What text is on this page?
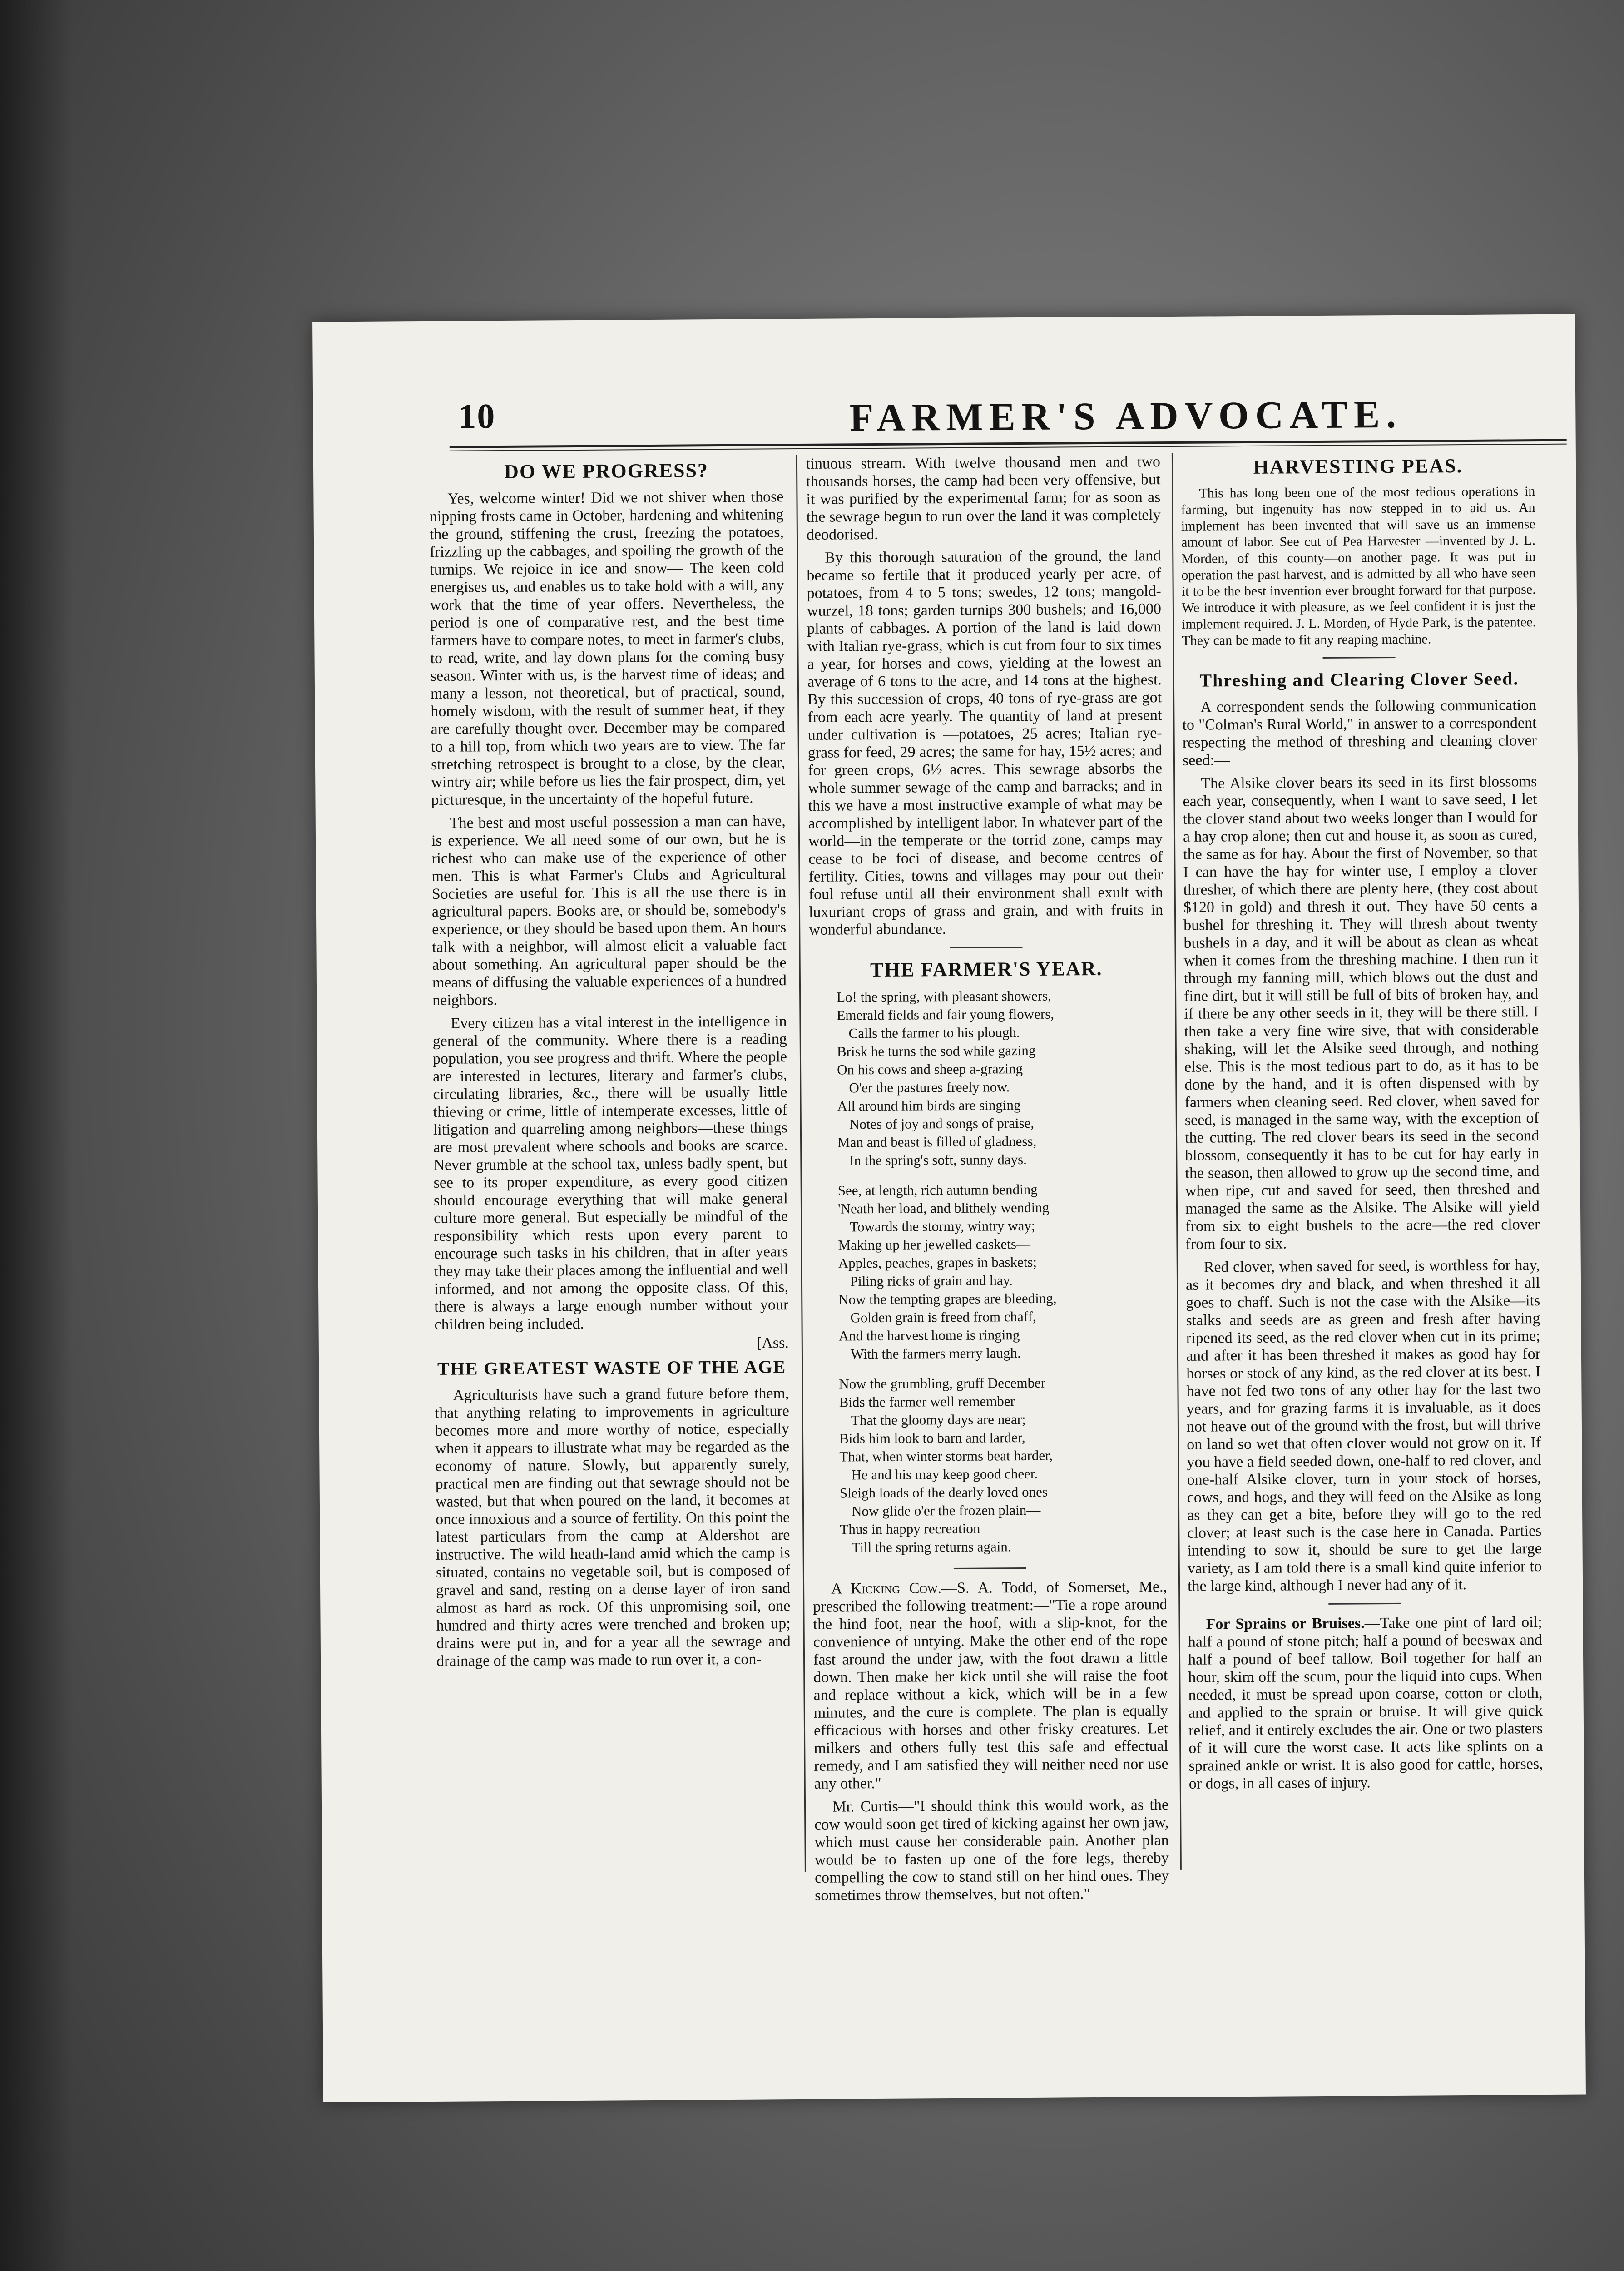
10	FARMER'S ADVOCATE.
DO WE PROGRESS?

Yes, welcome winter! Did we not shiver when those nipping frosts came in October, hardening and whitening the ground, stiffening the crust, freezing the potatoes, frizzling up the cabbages, and spoiling the growth of the turnips. We rejoice in ice and snow— The keen cold energises us, and enables us to take hold with a will, any work that the time of year offers. Nevertheless, the period is one of comparative rest, and the best time farmers have to compare notes, to meet in farmer's clubs, to read, write, and lay down plans for the coming busy season. Winter with us, is the harvest time of ideas; and many a lesson, not theoretical, but of practical, sound, homely wisdom, with the result of summer heat, if they are carefully thought over. December may be compared to a hill top, from which two years are to view. The far stretching retrospect is brought to a close, by the clear, wintry air; while before us lies the fair prospect, dim, yet picturesque, in the uncertainty of the hopeful future.

The best and most useful possession a man can have, is experience. We all need some of our own, but he is richest who can make use of the experience of other men. This is what Farmer's Clubs and Agricultural Societies are useful for. This is all the use there is in agricultural papers. Books are, or should be, somebody's experience, or they should be based upon them. An hours talk with a neighbor, will almost elicit a valuable fact about something. An agricultural paper should be the means of diffusing the valuable experiences of a hundred neighbors.

Every citizen has a vital interest in the intelligence in general of the community. Where there is a reading population, you see progress and thrift. Where the people are interested in lectures, literary and farmer's clubs, circulating libraries, &c., there will be usually little thieving or crime, little of intemperate excesses, little of litigation and quarreling among neighbors—these things are most prevalent where schools and books are scarce. Never grumble at the school tax, unless badly spent, but see to its proper expenditure, as every good citizen should encourage everything that will make general culture more general. But especially be mindful of the responsibility which rests upon every parent to encourage such tasks in his children, that in after years they may take their places among the influential and well informed, and not among the opposite class. Of this, there is always a large enough number without your children being included.

[Ass.
THE GREATEST WASTE OF THE AGE

Agriculturists have such a grand future before them, that anything relating to improvements in agriculture becomes more and more worthy of notice, especially when it appears to illustrate what may be regarded as the economy of nature. Slowly, but apparently surely, practical men are finding out that sewrage should not be wasted, but that when poured on the land, it becomes at once innoxious and a source of fertility. On this point the latest particulars from the camp at Aldershot are instructive. The wild heath-land amid which the camp is situated, contains no vegetable soil, but is composed of gravel and sand, resting on a dense layer of iron sand almost as hard as rock. Of this unpromising soil, one hundred and thirty acres were trenched and broken up; drains were put in, and for a year all the sewrage and drainage of the camp was made to run over it, a con-

tinuous stream. With twelve thousand men and two thousands horses, the camp had been very offensive, but it was purified by the experimental farm; for as soon as the sewrage begun to run over the land it was completely deodorised.

By this thorough saturation of the ground, the land became so fertile that it produced yearly per acre, of potatoes, from 4 to 5 tons; swedes, 12 tons; mangold-wurzel, 18 tons; garden turnips 300 bushels; and 16,000 plants of cabbages. A portion of the land is laid down with Italian rye-grass, which is cut from four to six times a year, for horses and cows, yielding at the lowest an average of 6 tons to the acre, and 14 tons at the highest. By this succession of crops, 40 tons of rye-grass are got from each acre yearly. The quantity of land at present under cultivation is —potatoes, 25 acres; Italian rye-grass for feed, 29 acres; the same for hay, 15½ acres; and for green crops, 6½ acres. This sewrage absorbs the whole summer sewage of the camp and barracks; and in this we have a most instructive example of what may be accomplished by intelligent labor. In whatever part of the world—in the temperate or the torrid zone, camps may cease to be foci of disease, and become centres of fertility. Cities, towns and villages may pour out their foul refuse until all their environment shall exult with luxuriant crops of grass and grain, and with fruits in wonderful abundance.

THE FARMER'S YEAR.
Lo! the spring, with pleasant showers,
Emerald fields and fair young flowers,
Calls the farmer to his plough.
Brisk he turns the sod while gazing
On his cows and sheep a-grazing
O'er the pastures freely now.
All around him birds are singing
Notes of joy and songs of praise,
Man and beast is filled of gladness,
In the spring's soft, sunny days.
See, at length, rich autumn bending
'Neath her load, and blithely wending
Towards the stormy, wintry way;
Making up her jewelled caskets—
Apples, peaches, grapes in baskets;
Piling ricks of grain and hay.
Now the tempting grapes are bleeding,
Golden grain is freed from chaff,
And the harvest home is ringing
With the farmers merry laugh.
Now the grumbling, gruff December
Bids the farmer well remember
That the gloomy days are near;
Bids him look to barn and larder,
That, when winter storms beat harder,
He and his may keep good cheer.
Sleigh loads of the dearly loved ones
Now glide o'er the frozen plain—
Thus in happy recreation
Till the spring returns again.

A Kicking Cow.—S. A. Todd, of Somerset, Me., prescribed the following treatment:—"Tie a rope around the hind foot, near the hoof, with a slip-knot, for the convenience of untying. Make the other end of the rope fast around the under jaw, with the foot drawn a little down. Then make her kick until she will raise the foot and replace without a kick, which will be in a few minutes, and the cure is complete. The plan is equally efficacious with horses and other frisky creatures. Let milkers and others fully test this safe and effectual remedy, and I am satisfied they will neither need nor use any other."

Mr. Curtis—"I should think this would work, as the cow would soon get tired of kicking against her own jaw, which must cause her considerable pain. Another plan would be to fasten up one of the fore legs, thereby compelling the cow to stand still on her hind ones. They sometimes throw themselves, but not often."

HARVESTING PEAS.

This has long been one of the most tedious operations in farming, but ingenuity has now stepped in to aid us. An implement has been invented that will save us an immense amount of labor. See cut of Pea Harvester —invented by J. L. Morden, of this county—on another page. It was put in operation the past harvest, and is admitted by all who have seen it to be the best invention ever brought forward for that purpose. We introduce it with pleasure, as we feel confident it is just the implement required. J. L. Morden, of Hyde Park, is the patentee. They can be made to fit any reaping machine.

Threshing and Clearing Clover Seed.

A correspondent sends the following communication to "Colman's Rural World," in answer to a correspondent respecting the method of threshing and cleaning clover seed:—

The Alsike clover bears its seed in its first blossoms each year, consequently, when I want to save seed, I let the clover stand about two weeks longer than I would for a hay crop alone; then cut and house it, as soon as cured, the same as for hay. About the first of November, so that I can have the hay for winter use, I employ a clover thresher, of which there are plenty here, (they cost about $120 in gold) and thresh it out. They have 50 cents a bushel for threshing it. They will thresh about twenty bushels in a day, and it will be about as clean as wheat when it comes from the threshing machine. I then run it through my fanning mill, which blows out the dust and fine dirt, but it will still be full of bits of broken hay, and if there be any other seeds in it, they will be there still. I then take a very fine wire sive, that with considerable shaking, will let the Alsike seed through, and nothing else. This is the most tedious part to do, as it has to be done by the hand, and it is often dispensed with by farmers when cleaning seed. Red clover, when saved for seed, is managed in the same way, with the exception of the cutting. The red clover bears its seed in the second blossom, consequently it has to be cut for hay early in the season, then allowed to grow up the second time, and when ripe, cut and saved for seed, then threshed and managed the same as the Alsike. The Alsike will yield from six to eight bushels to the acre—the red clover from four to six.

Red clover, when saved for seed, is worthless for hay, as it becomes dry and black, and when threshed it all goes to chaff. Such is not the case with the Alsike—its stalks and seeds are as green and fresh after having ripened its seed, as the red clover when cut in its prime; and after it has been threshed it makes as good hay for horses or stock of any kind, as the red clover at its best. I have not fed two tons of any other hay for the last two years, and for grazing farms it is invaluable, as it does not heave out of the ground with the frost, but will thrive on land so wet that often clover would not grow on it. If you have a field seeded down, one-half to red clover, and one-half Alsike clover, turn in your stock of horses, cows, and hogs, and they will feed on the Alsike as long as they can get a bite, before they will go to the red clover; at least such is the case here in Canada. Parties intending to sow it, should be sure to get the large variety, as I am told there is a small kind quite inferior to the large kind, although I never had any of it.

For Sprains or Bruises.—Take one pint of lard oil; half a pound of stone pitch; half a pound of beeswax and half a pound of beef tallow. Boil together for half an hour, skim off the scum, pour the liquid into cups. When needed, it must be spread upon coarse, cotton or cloth, and applied to the sprain or bruise. It will give quick relief, and it entirely excludes the air. One or two plasters of it will cure the worst case. It acts like splints on a sprained ankle or wrist. It is also good for cattle, horses, or dogs, in all cases of injury.
